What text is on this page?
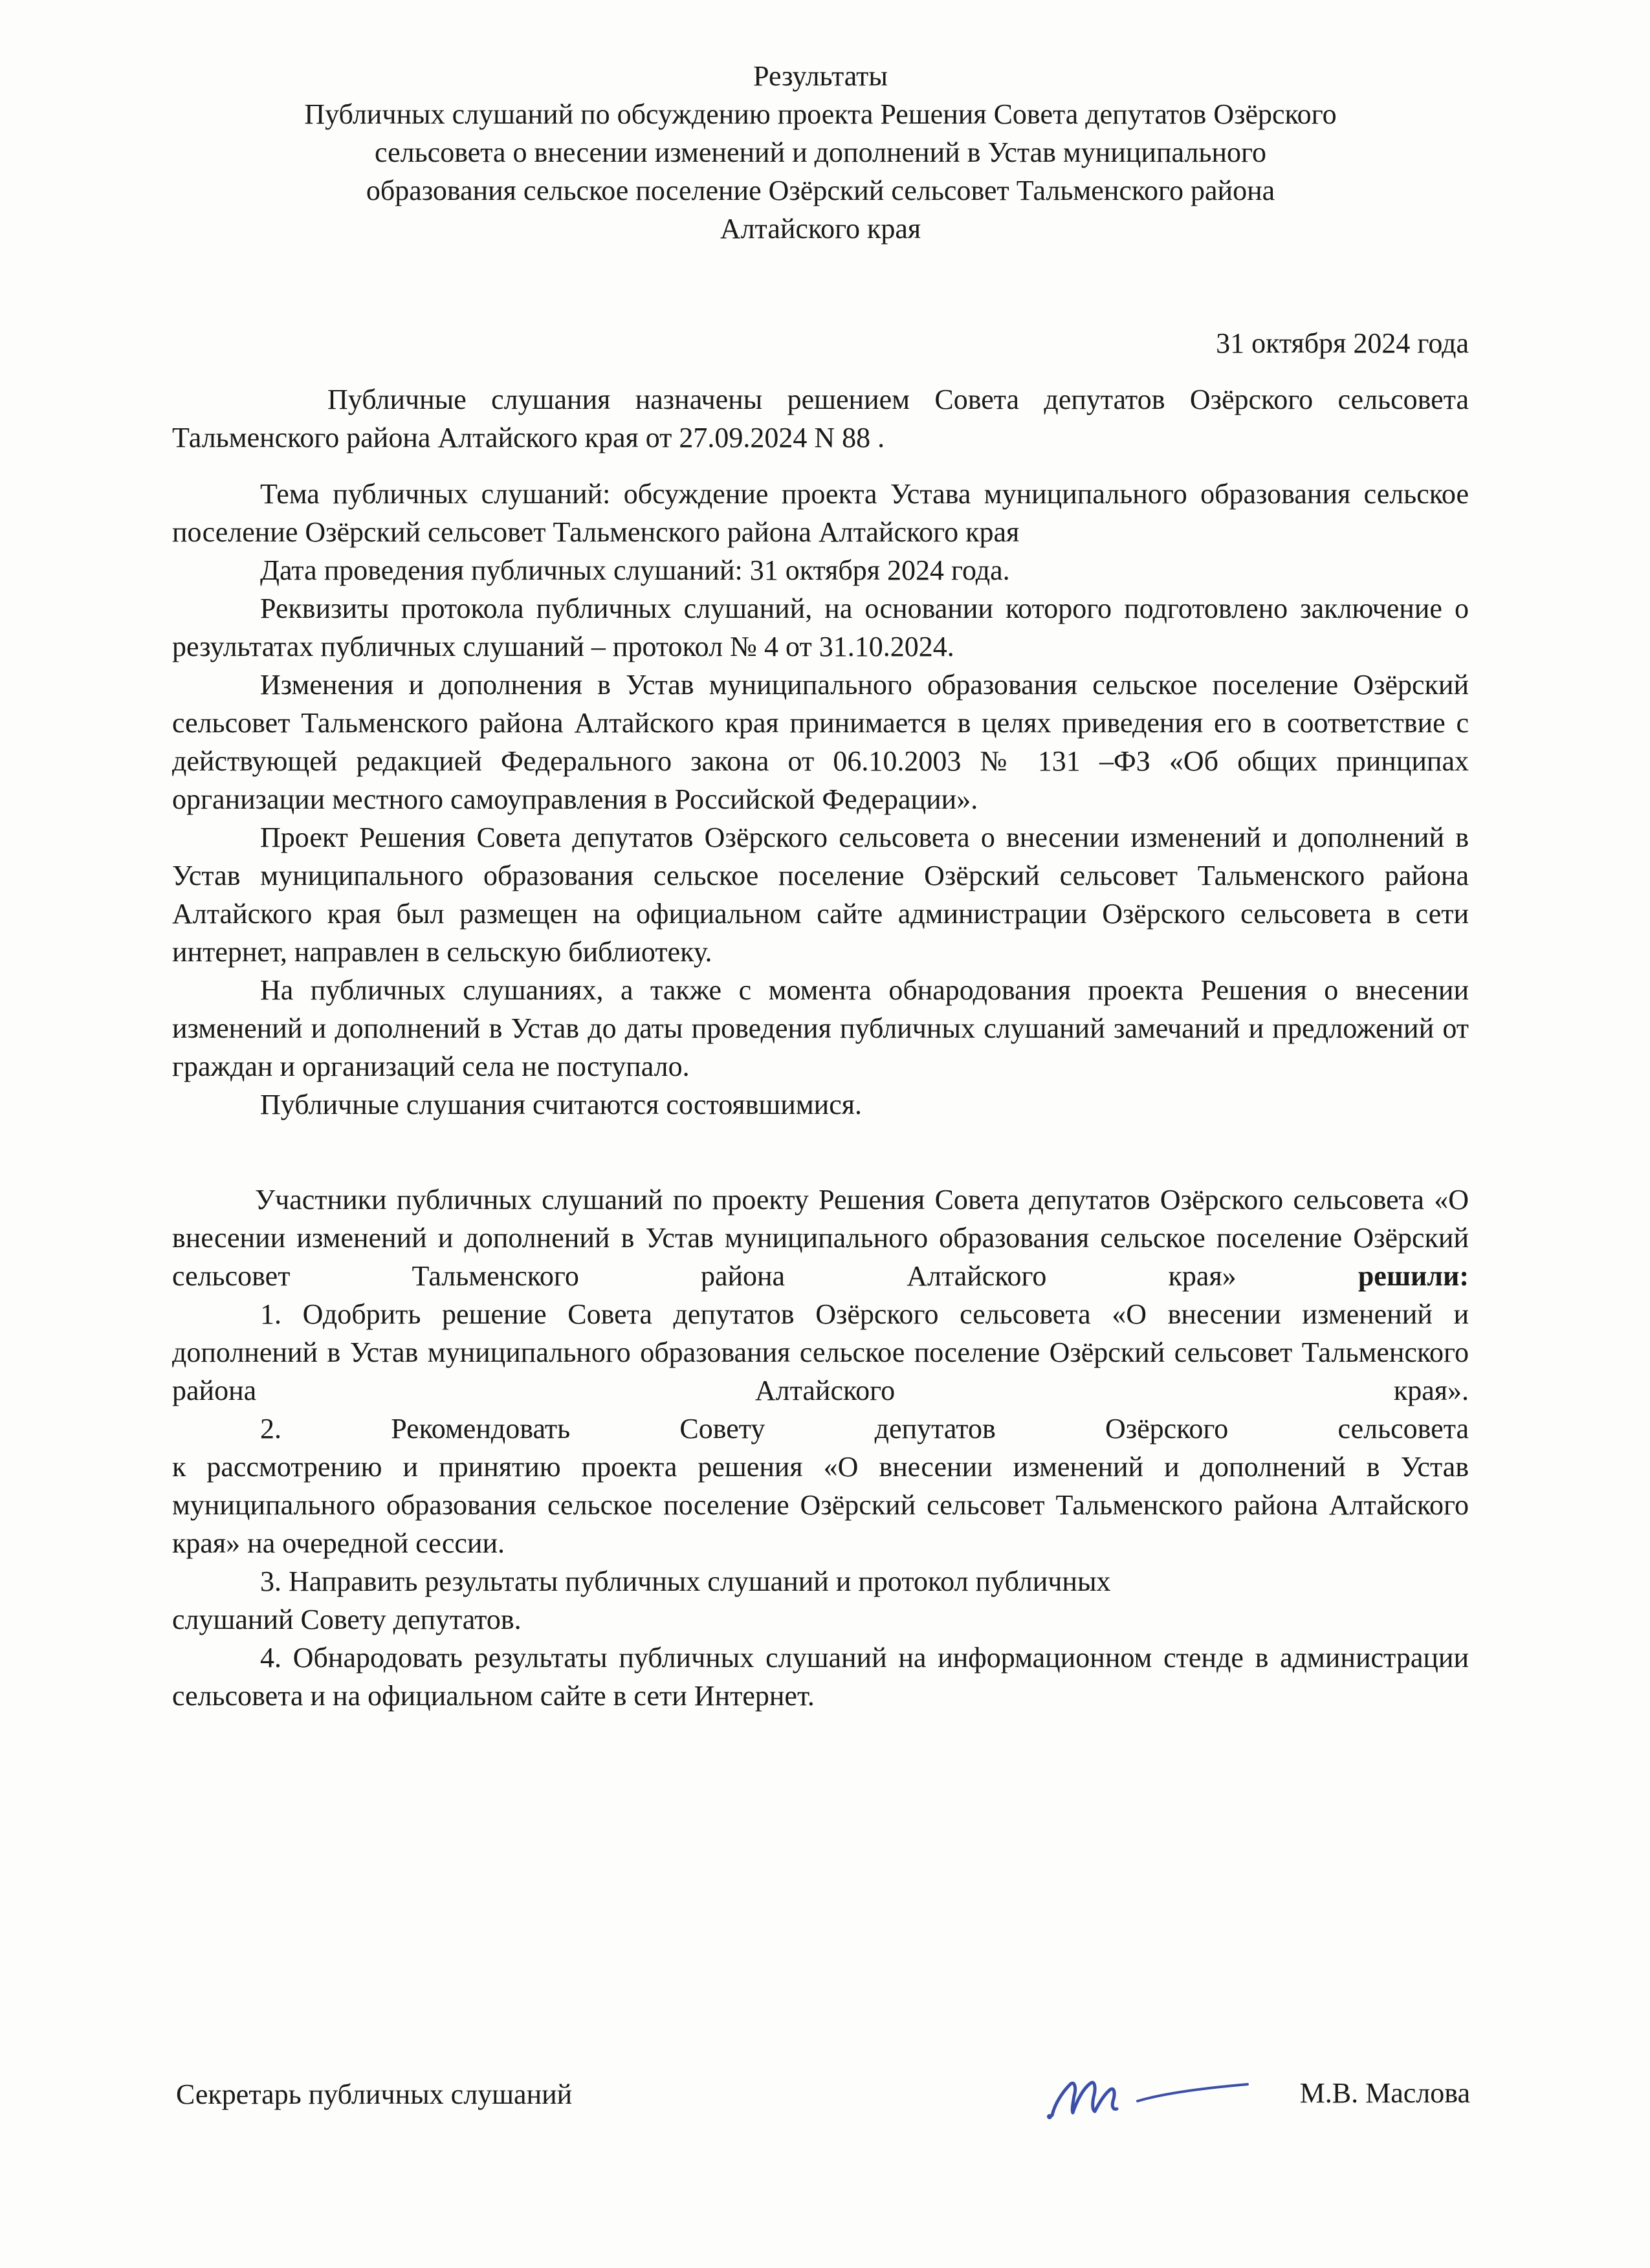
Результаты
Публичных слушаний по обсуждению проекта Решения Совета депутатов Озёрского
сельсовета о внесении изменений и дополнений в Устав муниципального
образования сельское поселение Озёрский сельсовет Тальменского района
Алтайского края
31 октября 2024 года

Публичные слушания назначены решением Совета депутатов Озёрского сельсовета Тальменского района Алтайского края от 27.09.2024 N 88 .

Тема публичных слушаний: обсуждение проекта Устава муниципального образования сельское поселение Озёрский сельсовет Тальменского района Алтайского края

Дата проведения публичных слушаний: 31 октября 2024 года.

Реквизиты протокола публичных слушаний, на основании которого подготовлено заключение о результатах публичных слушаний – протокол № 4 от 31.10.2024.

Изменения и дополнения в Устав муниципального образования сельское поселение Озёрский сельсовет Тальменского района Алтайского края принимается в целях приведения его в соответствие с действующей редакцией Федерального закона от 06.10.2003 № 131 –ФЗ «Об общих принципах организации местного самоуправления в Российской Федерации».

Проект Решения Совета депутатов Озёрского сельсовета о внесении изменений и дополнений в Устав муниципального образования сельское поселение Озёрский сельсовет Тальменского района Алтайского края был размещен на официальном сайте администрации Озёрского сельсовета в сети интернет, направлен в сельскую библиотеку.

На публичных слушаниях, а также с момента обнародования проекта Решения о внесении изменений и дополнений в Устав до даты проведения публичных слушаний замечаний и предложений от граждан и организаций села не поступало.

Публичные слушания считаются состоявшимися.

Участники публичных слушаний по проекту Решения Совета депутатов Озёрского сельсовета «О внесении изменений и дополнений в Устав муниципального образования сельское поселение Озёрский сельсовет Тальменского района Алтайского края»	решили:

1. Одобрить решение Совета депутатов Озёрского сельсовета «О внесении изменений и дополнений в Устав муниципального образования сельское поселение Озёрский сельсовет Тальменского района Алтайского края».

2. Рекомендовать Совету депутатов Озёрского сельсовета

к рассмотрению и принятию проекта решения «О внесении изменений и дополнений в Устав муниципального образования сельское поселение Озёрский сельсовет Тальменского района Алтайского края» на очередной сессии.

3. Направить результаты публичных слушаний и протокол публичных

слушаний Совету депутатов.

4. Обнародовать результаты публичных слушаний на информационном стенде в администрации сельсовета и на официальном сайте в сети Интернет.

Секретарь публичных слушаний	М.В. Маслова
